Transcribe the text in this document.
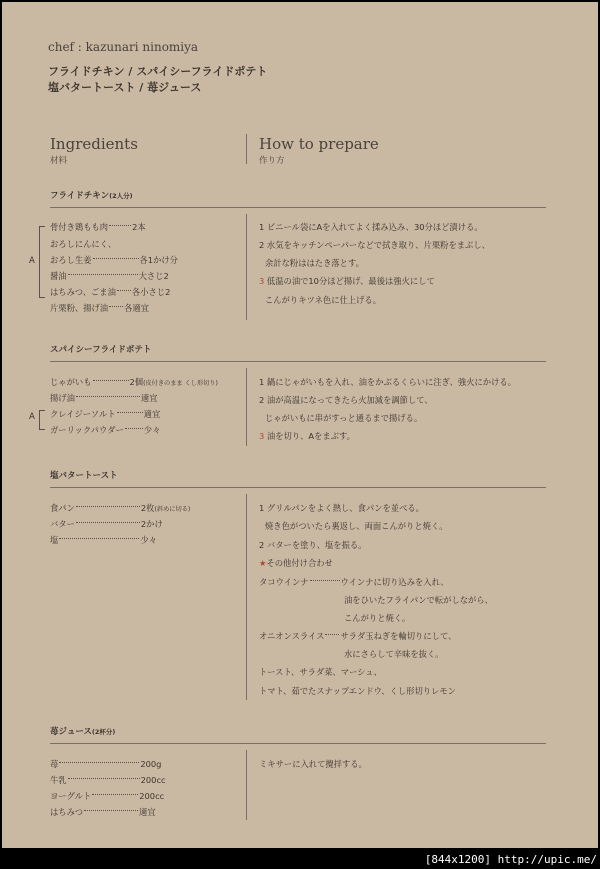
chef : kazunari ninomiya
フライドチキン / スパイシーフライドポテト
塩バタートースト / 苺ジュース
Ingredients
材料
How to prepare
作り方
フライドチキン(2人分)
A
骨付き鶏もも肉	2本
おろしにんにく、
おろし生姜	各1かけ分
醤油	大さじ2
はちみつ、ごま油 各小さじ2
片栗粉、揚げ油 各適宜
1 ビニール袋にAを入れてよく揉み込み、30分ほど漬ける。
2 水気をキッチンペーパーなどで拭き取り、片栗粉をまぶし、
余計な粉ははたき落とす。
3 低温の油で10分ほど揚げ、最後は強火にして
こんがりキツネ色に仕上げる。
スパイシーフライドポテト
A
じゃがいも	2個(皮付きのまま くし形切り)
揚げ油	適宜
クレイジーソルト	適宜
ガーリックパウダー 少々
1 鍋にじゃがいもを入れ、油をかぶるくらいに注ぎ、強火にかける。
2 油が高温になってきたら火加減を調節して、
じゃがいもに串がすっと通るまで揚げる。
3 油を切り、Aをまぶす。
塩バタートースト
食パン	2枚(斜めに切る)
バター	2かけ
塩	少々
1 グリルパンをよく熱し、食パンを並べる。
焼き色がついたら裏返し、両面こんがりと焼く。
2 バターを塗り、塩を振る。
★その他付け合わせ
タコウインナ	ウインナに切り込みを入れ、
油をひいたフライパンで転がしながら、
こんがりと焼く。
オニオンスライス サラダ玉ねぎを輪切りにして、
水にさらして辛味を抜く。
トースト、サラダ菜、マーシュ、
トマト、茹でたスナップエンドウ、くし形切りレモン
苺ジュース(2杯分)
苺	200g
牛乳	200cc
ヨーグルト	200cc
はちみつ	適宜
ミキサーに入れて攪拌する。
[844x1200] http://upic.me/
